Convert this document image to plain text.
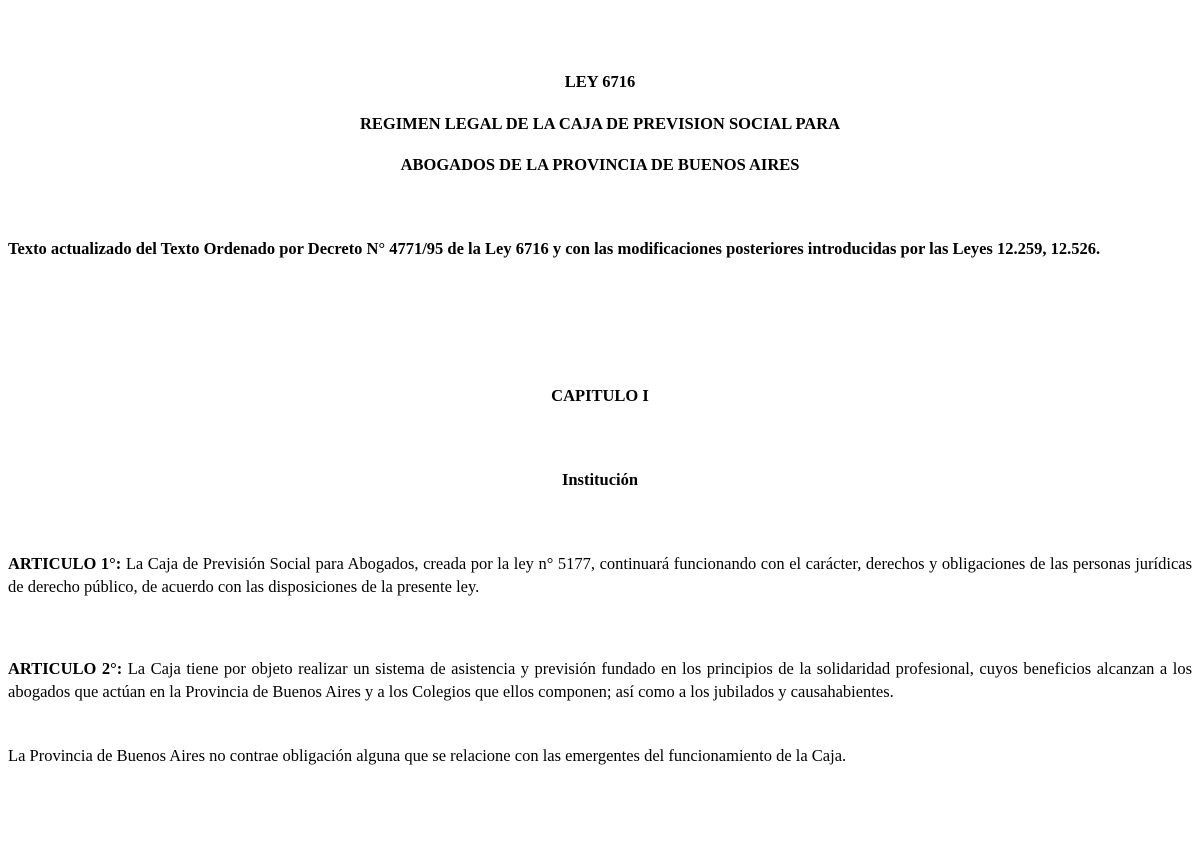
LEY 6716

REGIMEN LEGAL DE LA CAJA DE PREVISION SOCIAL PARA

ABOGADOS DE LA PROVINCIA DE BUENOS AIRES

Texto actualizado del Texto Ordenado por Decreto N° 4771/95 de la Ley 6716 y con las modificaciones posteriores introducidas por las Leyes 12.259, 12.526.

CAPITULO I

Institución

ARTICULO 1°: La Caja de Previsión Social para Abogados, creada por la ley n° 5177, continuará funcionando con el carácter, derechos y obligaciones de las personas jurídicas de derecho público, de acuerdo con las disposiciones de la presente ley.

ARTICULO 2°: La Caja tiene por objeto realizar un sistema de asistencia y previsión fundado en los principios de la solidaridad profesional, cuyos beneficios alcanzan a los abogados que actúan en la Provincia de Buenos Aires y a los Colegios que ellos componen; así como a los jubilados y causahabientes.

La Provincia de Buenos Aires no contrae obligación alguna que se relacione con las emergentes del funcionamiento de la Caja.
